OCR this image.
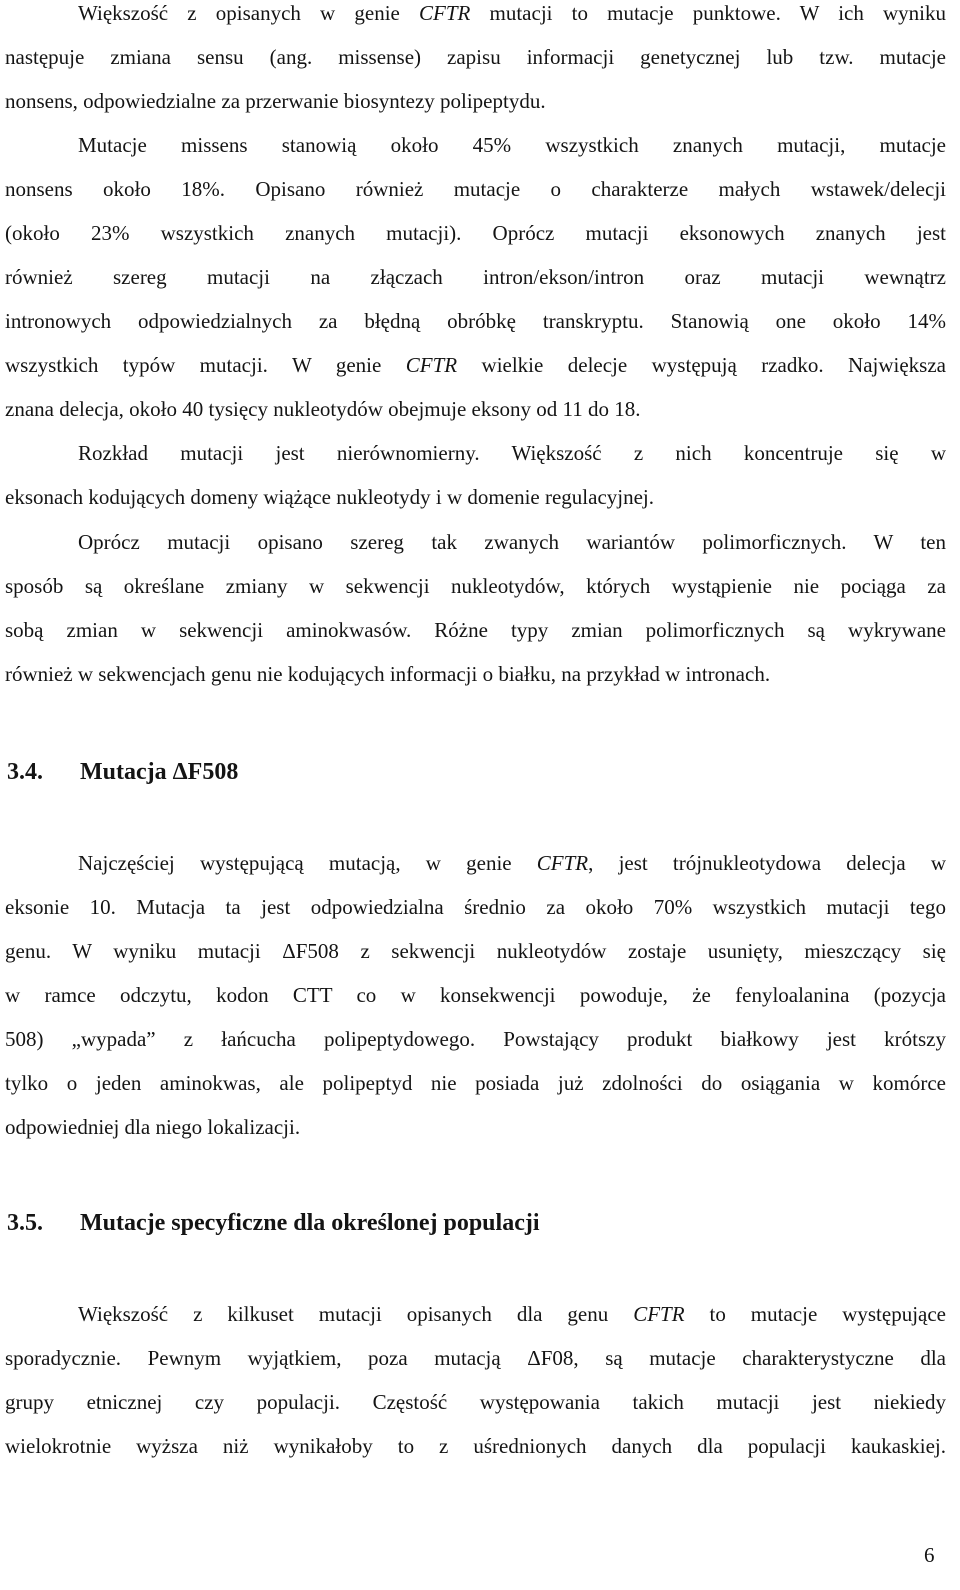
Większość z opisanych w genie CFTR mutacji to mutacje punktowe. W ich wyniku
następuje zmiana sensu (ang. missense) zapisu informacji genetycznej lub tzw. mutacje
nonsens, odpowiedzialne za przerwanie biosyntezy polipeptydu.
Mutacje missens stanowią około 45% wszystkich znanych mutacji, mutacje
nonsens około 18%. Opisano również mutacje o charakterze małych wstawek/delecji
(około 23% wszystkich znanych mutacji). Oprócz mutacji eksonowych znanych jest
również szereg mutacji na złączach intron/ekson/intron oraz mutacji wewnątrz
intronowych odpowiedzialnych za błędną obróbkę transkryptu. Stanowią one około 14%
wszystkich typów mutacji. W genie CFTR wielkie delecje występują rzadko. Największa
znana delecja, około 40 tysięcy nukleotydów obejmuje eksony od 11 do 18.
Rozkład mutacji jest nierównomierny. Większość z nich koncentruje się w
eksonach kodujących domeny wiążące nukleotydy i w domenie regulacyjnej.
Oprócz mutacji opisano szereg tak zwanych wariantów polimorficznych. W ten
sposób są określane zmiany w sekwencji nukleotydów, których wystąpienie nie pociąga za
sobą zmian w sekwencji aminokwasów. Różne typy zmian polimorficznych są wykrywane
również w sekwencjach genu nie kodujących informacji o białku, na przykład w intronach.
3.4. Mutacja ΔF508
Najczęściej występującą mutacją, w genie CFTR, jest trójnukleotydowa delecja w
eksonie 10. Mutacja ta jest odpowiedzialna średnio za około 70% wszystkich mutacji tego
genu. W wyniku mutacji ΔF508 z sekwencji nukleotydów zostaje usunięty, mieszczący się
w ramce odczytu, kodon CTT co w konsekwencji powoduje, że fenyloalanina (pozycja
508) „wypada” z łańcucha polipeptydowego. Powstający produkt białkowy jest krótszy
tylko o jeden aminokwas, ale polipeptyd nie posiada już zdolności do osiągania w komórce
odpowiedniej dla niego lokalizacji.
3.5. Mutacje specyficzne dla określonej populacji
Większość z kilkuset mutacji opisanych dla genu CFTR to mutacje występujące
sporadycznie. Pewnym wyjątkiem, poza mutacją ΔF08, są mutacje charakterystyczne dla
grupy etnicznej czy populacji. Częstość występowania takich mutacji jest niekiedy
wielokrotnie wyższa niż wynikałoby to z uśrednionych danych dla populacji kaukaskiej.
6
